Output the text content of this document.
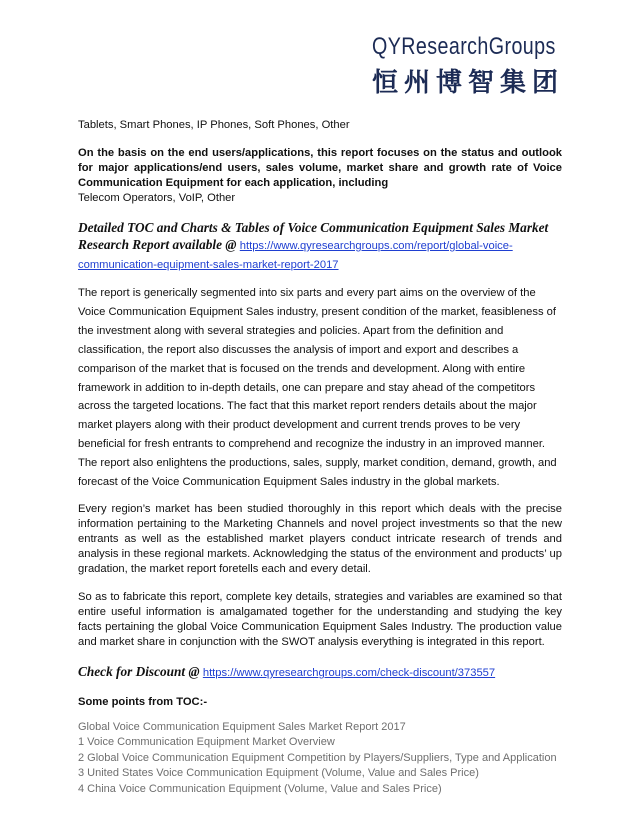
QYResearchGroups
恒州博智集团

Tablets, Smart Phones, IP Phones, Soft Phones, Other

On the basis on the end users/applications, this report focuses on the status and outlook for major applications/end users, sales volume, market share and growth rate of Voice Communication Equipment for each application, including

Telecom Operators, VoIP, Other

Detailed TOC and Charts & Tables of Voice Communication Equipment Sales Market Research Report available @ https://www.qyresearchgroups.com/report/global-voice-communication-equipment-sales-market-report-2017

The report is generically segmented into six parts and every part aims on the overview of the Voice Communication Equipment Sales industry, present condition of the market, feasibleness of the investment along with several strategies and policies. Apart from the definition and classification, the report also discusses the analysis of import and export and describes a comparison of the market that is focused on the trends and development. Along with entire framework in addition to in-depth details, one can prepare and stay ahead of the competitors across the targeted locations. The fact that this market report renders details about the major market players along with their product development and current trends proves to be very beneficial for fresh entrants to comprehend and recognize the industry in an improved manner. The report also enlightens the productions, sales, supply, market condition, demand, growth, and forecast of the Voice Communication Equipment Sales industry in the global markets.

Every region’s market has been studied thoroughly in this report which deals with the precise information pertaining to the Marketing Channels and novel project investments so that the new entrants as well as the established market players conduct intricate research of trends and analysis in these regional markets. Acknowledging the status of the environment and products’ up gradation, the market report foretells each and every detail.

So as to fabricate this report, complete key details, strategies and variables are examined so that entire useful information is amalgamated together for the understanding and studying the key facts pertaining the global Voice Communication Equipment Sales Industry. The production value and market share in conjunction with the SWOT analysis everything is integrated in this report.

Check for Discount @ https://www.qyresearchgroups.com/check-discount/373557

Some points from TOC:-

Global Voice Communication Equipment Sales Market Report 2017
1 Voice Communication Equipment Market Overview
2 Global Voice Communication Equipment Competition by Players/Suppliers, Type and Application
3 United States Voice Communication Equipment (Volume, Value and Sales Price)
4 China Voice Communication Equipment (Volume, Value and Sales Price)
